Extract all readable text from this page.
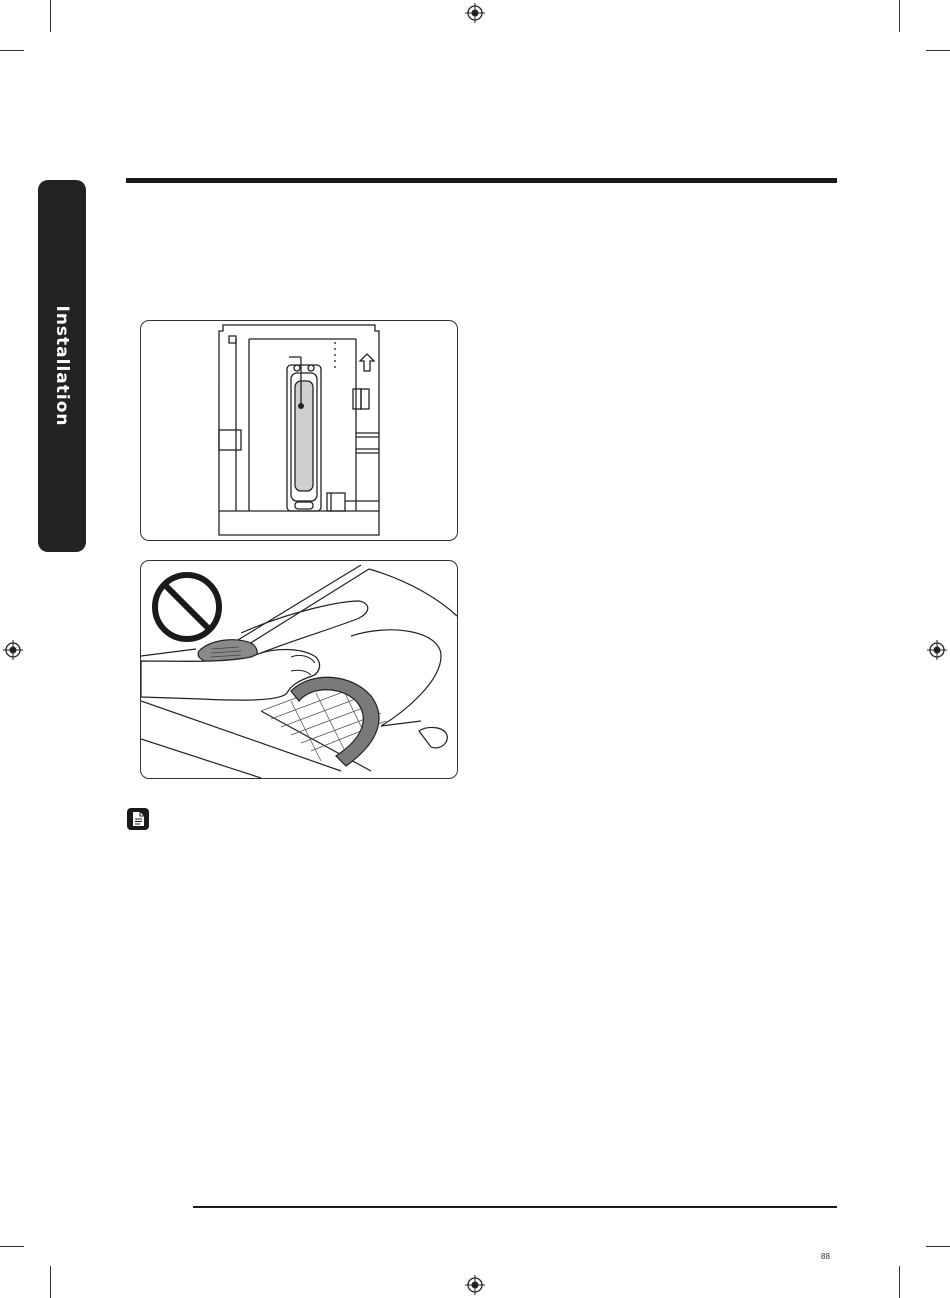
Installation
88
